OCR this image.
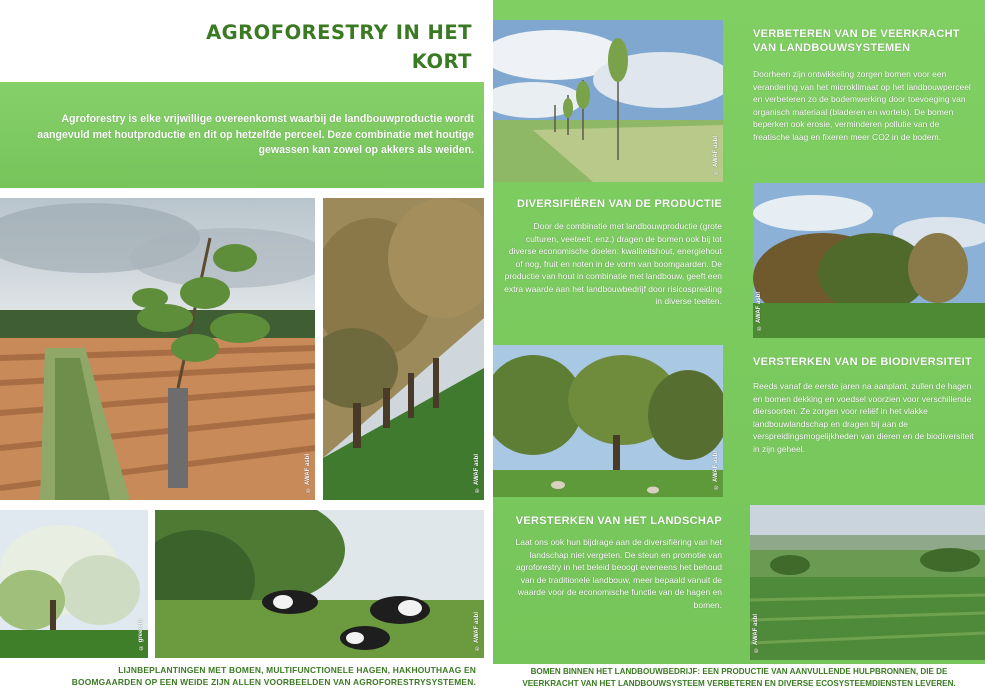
AGROFORESTRY IN HET
KORT
Agroforestry is elke vrijwillige overeenkomst waarbij de landbouwproductie wordt aangevuld met houtproductie en dit op hetzelfde perceel. Deze combinatie met houtige gewassen kan zowel op akkers als weiden.
© AWAF asbl	© AWAF asbl
© green.lu	© AWAF asbl
LIJNBEPLANTINGEN MET BOMEN, MULTIFUNCTIONELE HAGEN, HAKHOUTHAAG EN
BOOMGAARDEN OP EEN WEIDE ZIJN ALLEN VOORBEELDEN VAN AGROFORESTRYSYSTEMEN.
© AWAF asbl
VERBETEREN VAN DE VEERKRACHT
VAN LANDBOUWSYSTEMEN
Doorheen zijn ontwikkeling zorgen bomen voor een verandering van het microklimaat op het landbouwperceel en verbeteren zo de bodemwerking door toevoeging van organisch materiaal (bladeren en wortels). De bomen beperken ook erosie, verminderen pollutie van de freatische laag en fixeren meer CO2 in de bodem.
DIVERSIFIËREN VAN DE PRODUCTIE
Door de combinatie met landbouwproductie (grote culturen, veeteelt, enz.) dragen de bomen ook bij tot diverse economische doelen: kwaliteitshout, energiehout of nog, fruit en noten in de vorm van boomgaarden. De productie van hout in combinatie met landbouw, geeft een extra waarde aan het landbouwbedrijf door risicospreiding in diverse teelten.	© AWAF asbl
© AWAF asbl
VERSTERKEN VAN DE BIODIVERSITEIT
Reeds vanaf de eerste jaren na aanplant, zullen de hagen en bomen dekking en voedsel voorzien voor verschillende diersoorten. Ze zorgen voor reliëf in het vlakke landbouwlandschap en dragen bij aan de verspreidingsmogelijkheden van dieren en de biodiversiteit in zijn geheel.
VERSTERKEN VAN HET LANDSCHAP
Laat ons ook hun bijdrage aan de diversifiëring van het landschap niet vergeten. De steun en promotie van agroforestry in het beleid beoogt eveneens het behoud van de traditionele landbouw, meer bepaald vanuit de waarde voor de economische functie van de hagen en bomen.
© AWAF asbl
BOMEN BINNEN HET LANDBOUWBEDRIJF: EEN PRODUCTIE VAN AANVULLENDE HULPBRONNEN, DIE DE
VEERKRACHT VAN HET LANDBOUWSYSTEEM VERBETEREN EN DIVERSE ECOSYSTEEMDIENSTEN LEVEREN.
